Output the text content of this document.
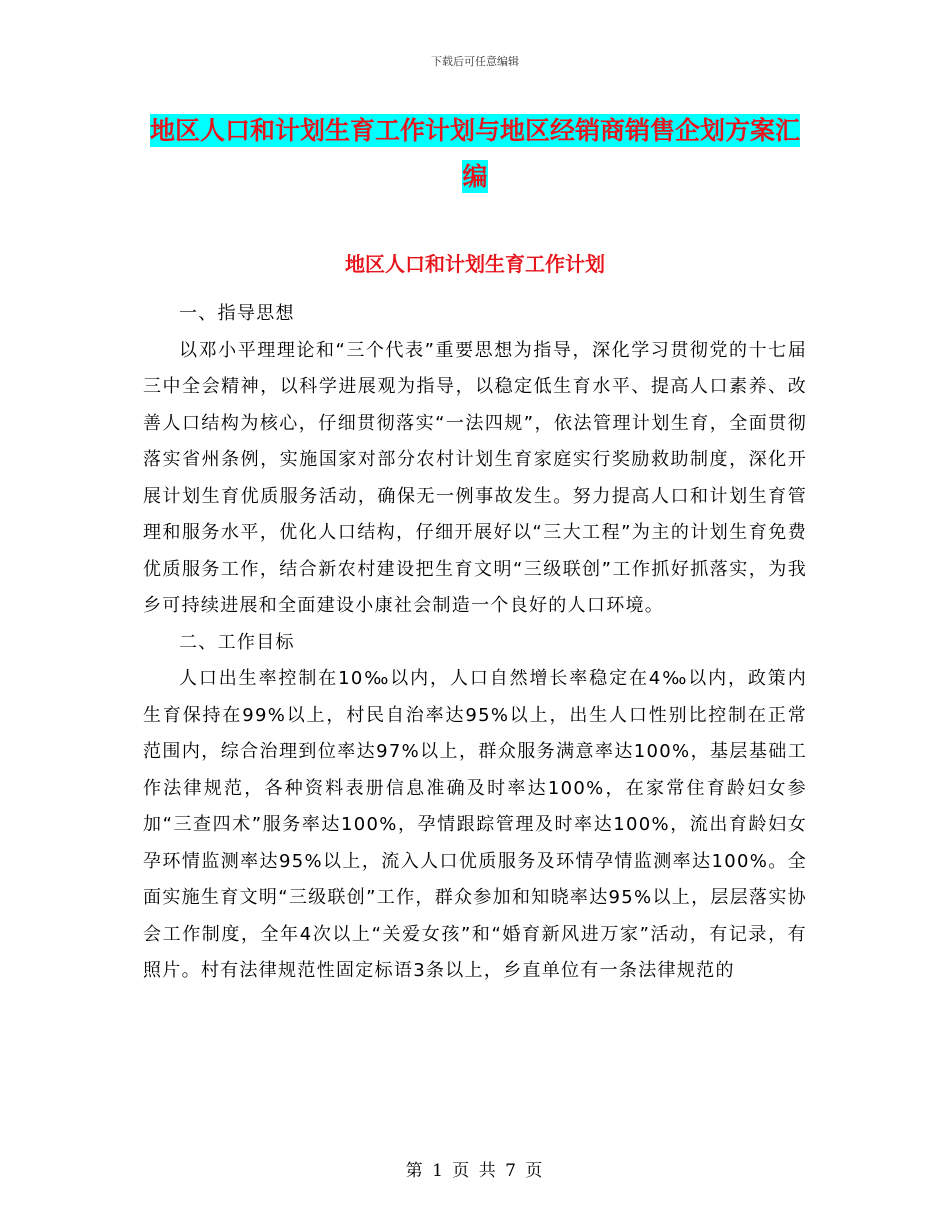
下载后可任意编辑
地区人口和计划生育工作计划与地区经销商销售企划方案汇编
地区人口和计划生育工作计划

一、指导思想

以邓小平理理论和“三个代表”重要思想为指导，深化学习贯彻党的十七届三中全会精神，以科学进展观为指导，以稳定低生育水平、提高人口素养、改善人口结构为核心，仔细贯彻落实“一法四规”，依法管理计划生育，全面贯彻落实省州条例，实施国家对部分农村计划生育家庭实行奖励救助制度，深化开展计划生育优质服务活动，确保无一例事故发生。努力提高人口和计划生育管理和服务水平，优化人口结构，仔细开展好以“三大工程”为主的计划生育免费优质服务工作，结合新农村建设把生育文明“三级联创”工作抓好抓落实，为我乡可持续进展和全面建设小康社会制造一个良好的人口环境。

二、工作目标

人口出生率控制在10‰以内，人口自然增长率稳定在4‰以内，政策内生育保持在99%以上，村民自治率达95%以上，出生人口性别比控制在正常范围内，综合治理到位率达97%以上，群众服务满意率达100%，基层基础工作法律规范，各种资料表册信息准确及时率达100%，在家常住育龄妇女参加“三查四术”服务率达100%，孕情跟踪管理及时率达100%，流出育龄妇女孕环情监测率达95%以上，流入人口优质服务及环情孕情监测率达100%。全面实施生育文明“三级联创”工作，群众参加和知晓率达95%以上，层层落实协会工作制度，全年4次以上“关爱女孩”和“婚育新风进万家”活动，有记录，有照片。村有法律规范性固定标语3条以上，乡直单位有一条法律规范的

第 1 页 共 7 页
